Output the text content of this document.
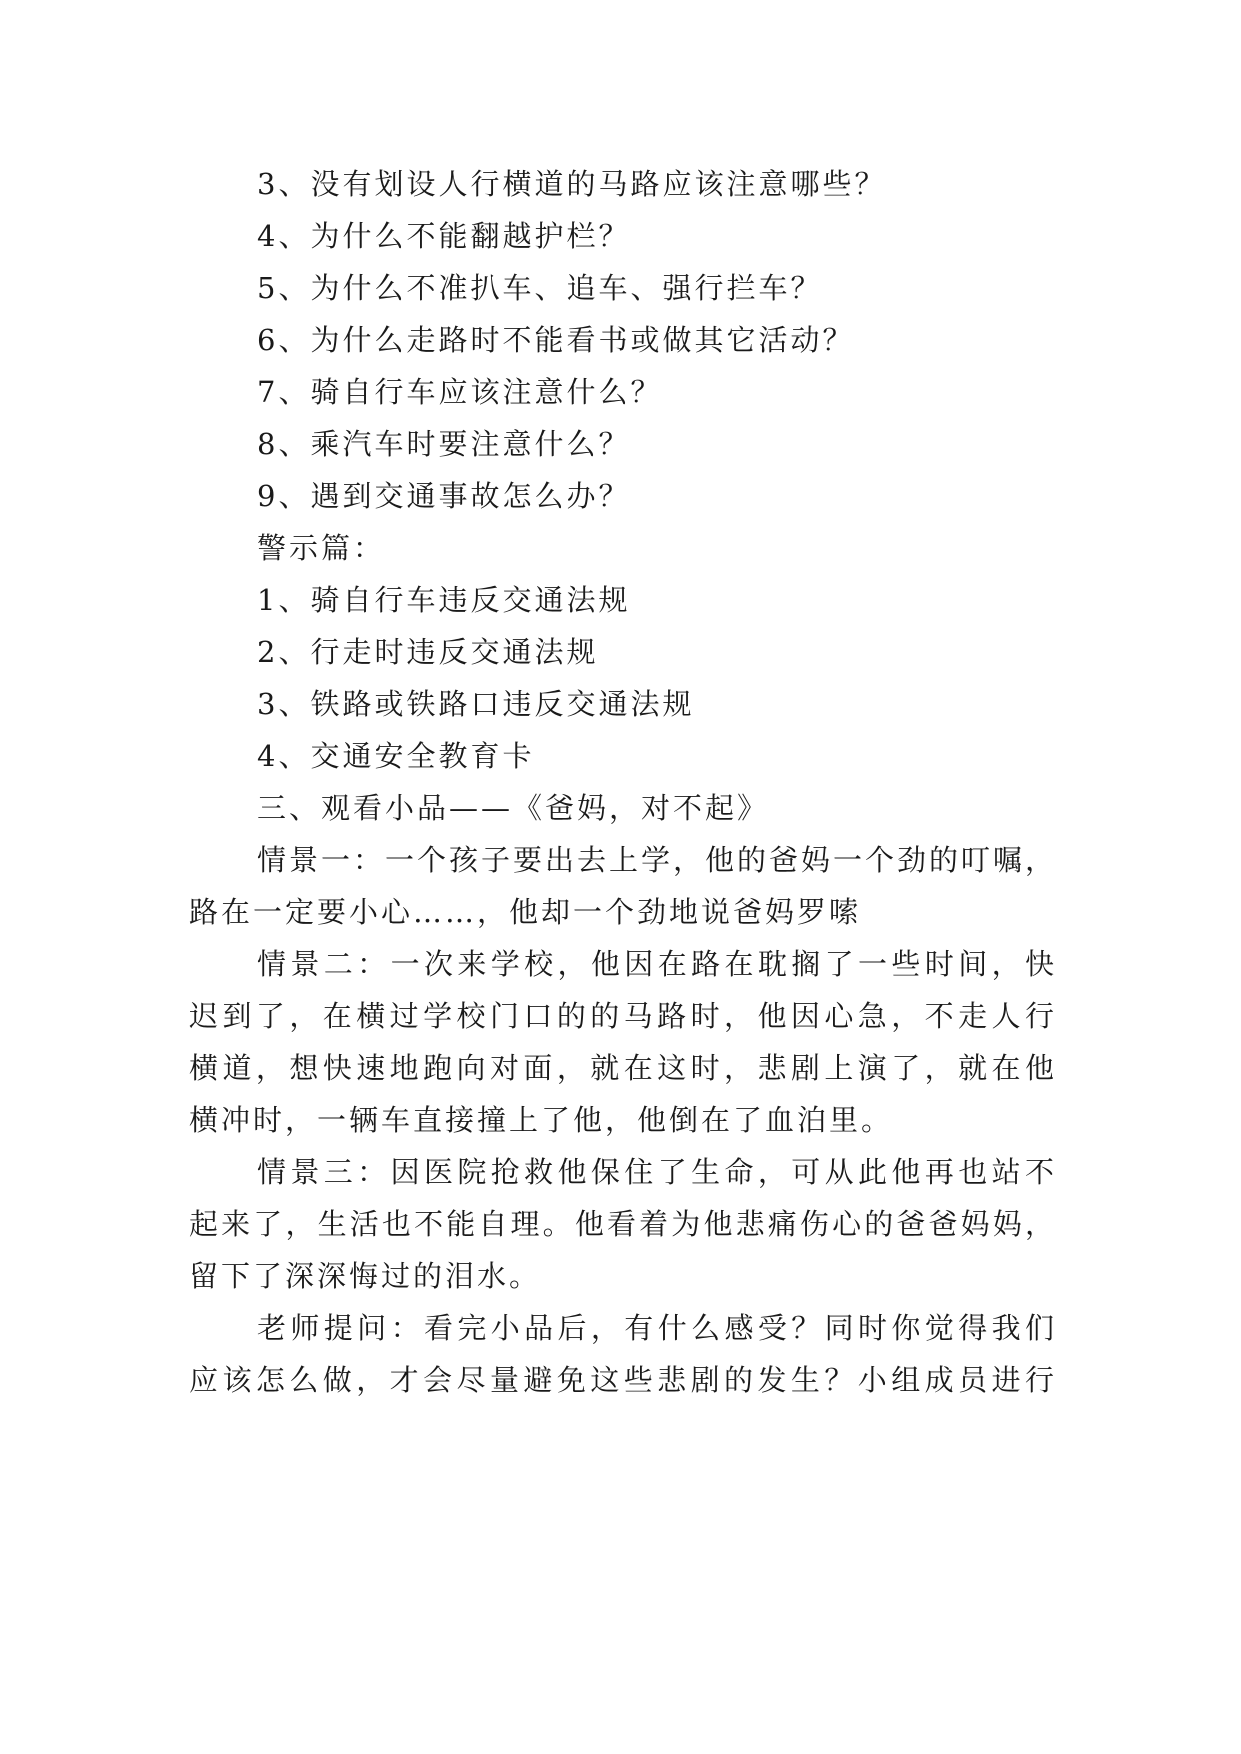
3、没有划设人行横道的马路应该注意哪些？
4、为什么不能翻越护栏？
5、为什么不准扒车、追车、强行拦车？
6、为什么走路时不能看书或做其它活动？
7、骑自行车应该注意什么？
8、乘汽车时要注意什么？
9、遇到交通事故怎么办？
警示篇：
1、骑自行车违反交通法规
2、行走时违反交通法规
3、铁路或铁路口违反交通法规
4、交通安全教育卡
三、观看小品——《爸妈，对不起》
情景一：一个孩子要出去上学，他的爸妈一个劲的叮嘱，
路在一定要小心……，他却一个劲地说爸妈罗嗦
情景二：一次来学校，他因在路在耽搁了一些时间，快
迟到了，在横过学校门口的的马路时，他因心急，不走人行
横道，想快速地跑向对面，就在这时，悲剧上演了，就在他
横冲时，一辆车直接撞上了他，他倒在了血泊里。
情景三：因医院抢救他保住了生命，可从此他再也站不
起来了，生活也不能自理。他看着为他悲痛伤心的爸爸妈妈，
留下了深深悔过的泪水。
老师提问：看完小品后，有什么感受？同时你觉得我们
应该怎么做，才会尽量避免这些悲剧的发生？小组成员进行
